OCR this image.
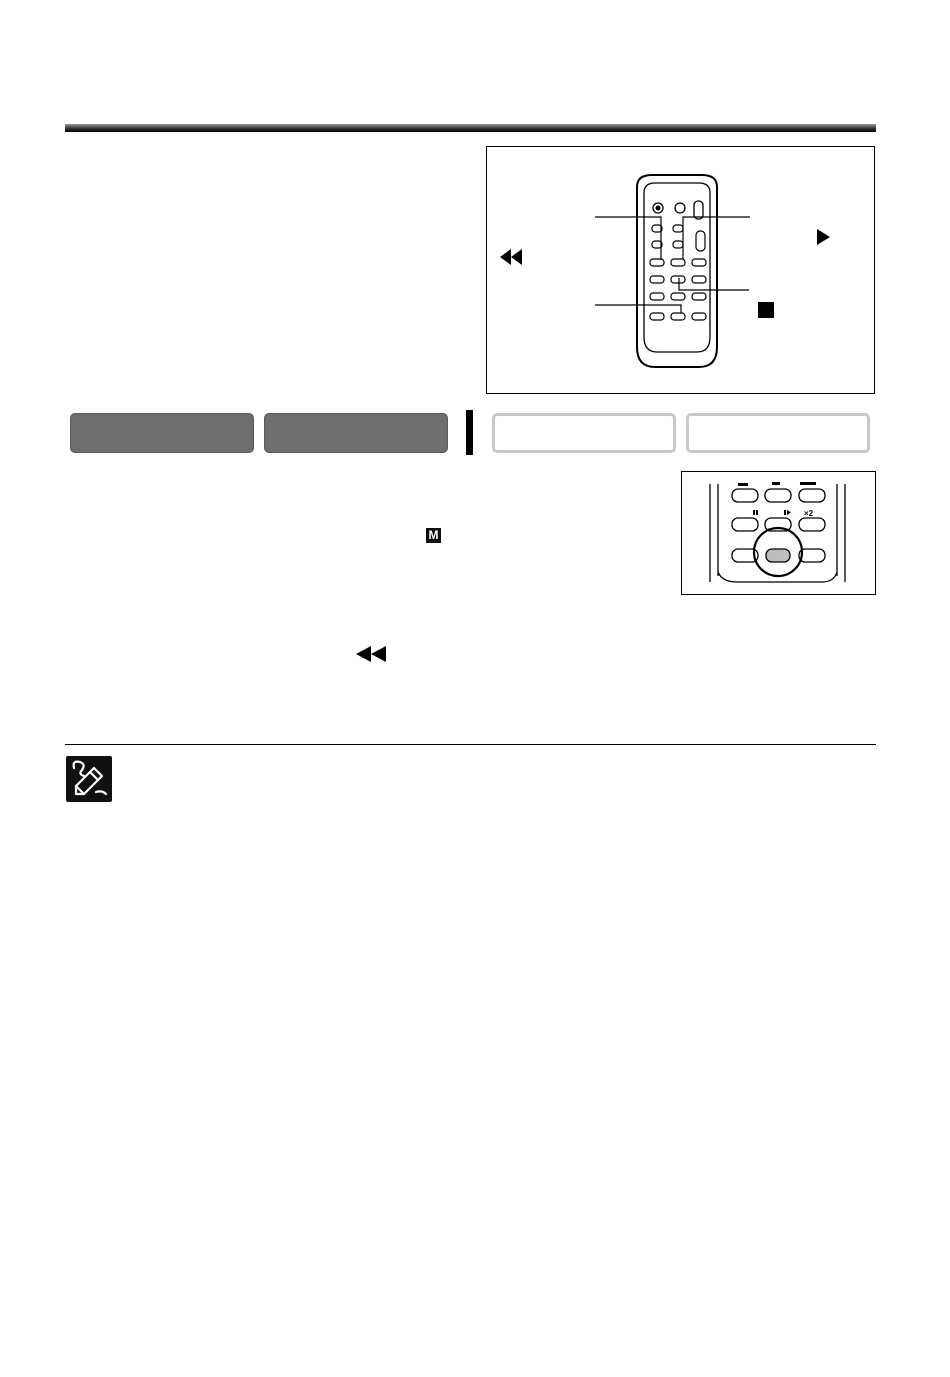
×2
M
